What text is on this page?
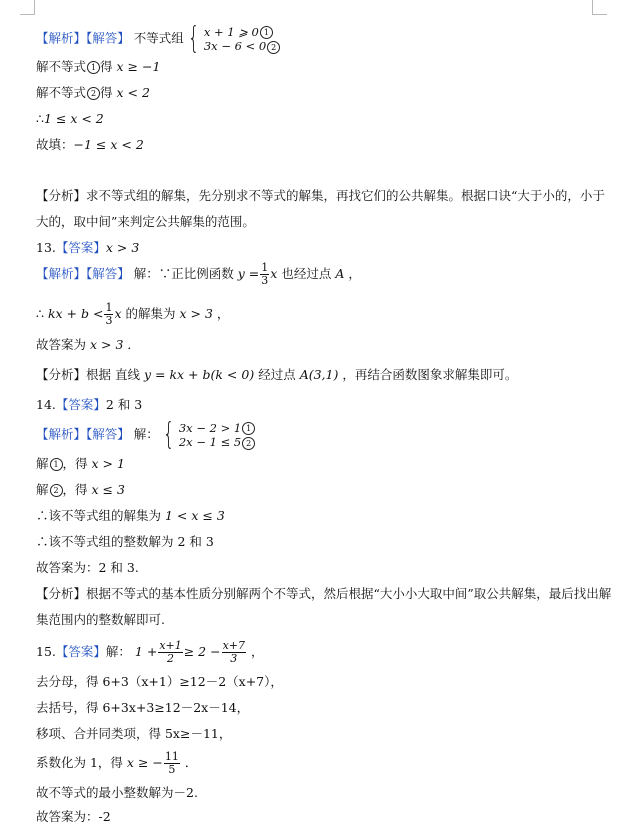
【解析】【解答】 不等式组 { x + 1 ⩾ 0 1
3x − 6 < 0 2
解不等式 1 得 x ≥ −1
解不等式 2 得 x < 2
∴1 ≤ x < 2
故填：−1 ≤ x < 2
【分析】求不等式组的解集，先分别求不等式的解集，再找它们的公共解集。根据口诀“大于小的，小于
大的，取中间”来判定公共解集的范围。
13.【答案】x > 3
【解析】【解答】 解：∵正比例函数 $y = \frac{1}{3}$ x 也经过点 A ，
∴ kx + $b < \frac{1}{3}$ x 的解集为 x > 3 ，
故答案为 x > 3 ．
【分析】根据 直线 y = kx + b(k < 0) 经过点 A(3,1) ，再结合函数图象求解集即可。
14.【答案】2 和 3
【解析】【解答】 解： { 3x − 2 > 1 1
2x − 1 ≤ 5 2
解 1 ，得 x > 1
解 2 ，得 x ≤ 3
∴该不等式组的解集为 1 < x ≤ 3
∴该不等式组的整数解为 2 和 3
故答案为：2 和 3.
【分析】根据不等式的基本性质分别解两个不等式，然后根据“大小小大取中间”取公共解集，最后找出解
集范围内的整数解即可.
15.【答案】解： $1 + \frac{x+1}{2} \ge 2 - \frac{x+7}{3}$ ，
去分母，得 6+3（x+1）≥12－2（x+7），
去括号，得 6+3x+3≥12－2x－14，
移项、合并同类项，得 5x≥－11，
系数化为 1，得 x ≥ − $\frac{11}{5}$ ．
故不等式的最小整数解为－2.
故答案为：-2
